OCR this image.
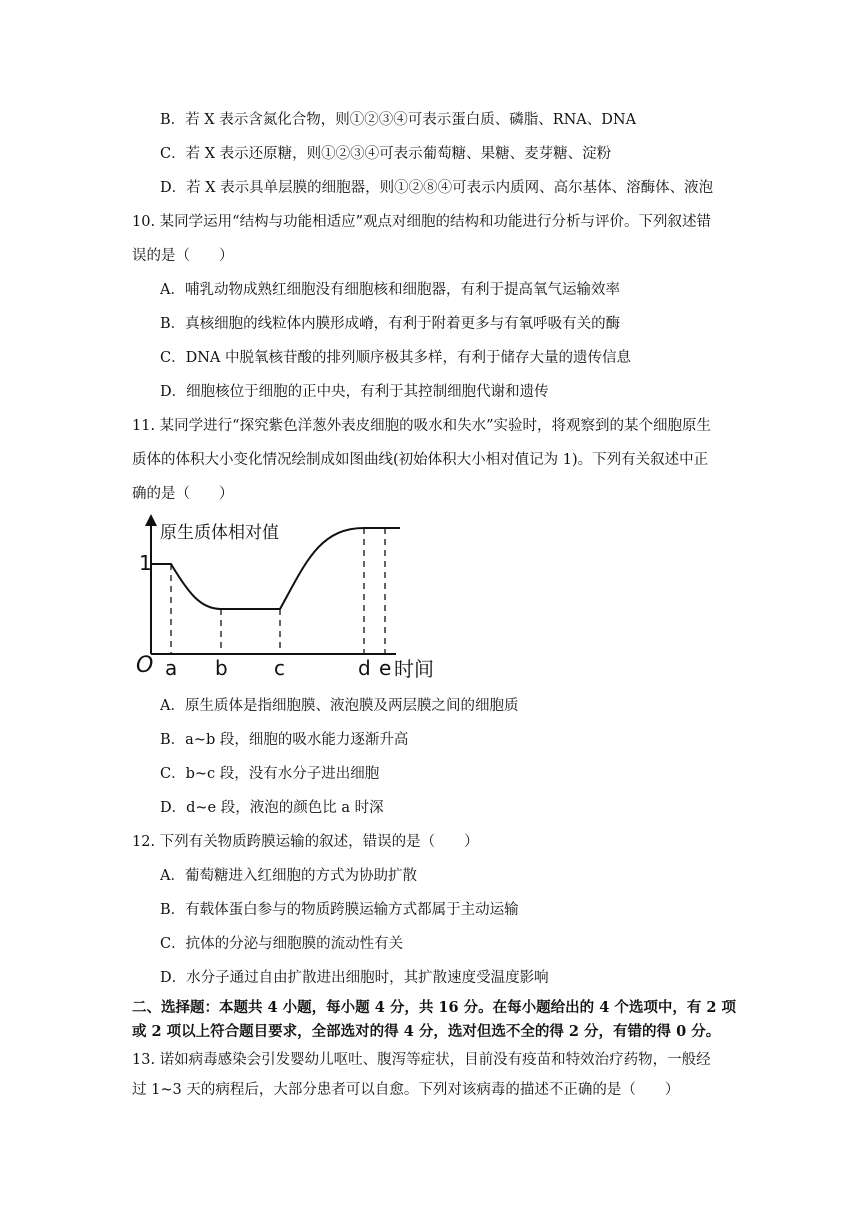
B．若 X 表示含氮化合物，则①②③④可表示蛋白质、磷脂、RNA、DNA
C．若 X 表示还原糖，则①②③④可表示葡萄糖、果糖、麦芽糖、淀粉
D．若 X 表示具单层膜的细胞器，则①②⑧④可表示内质网、高尔基体、溶酶体、液泡
10. 某同学运用“结构与功能相适应”观点对细胞的结构和功能进行分析与评价。下列叙述错
误的是（　　）
A．哺乳动物成熟红细胞没有细胞核和细胞器，有利于提高氧气运输效率
B．真核细胞的线粒体内膜形成嵴，有利于附着更多与有氧呼吸有关的酶
C．DNA 中脱氧核苷酸的排列顺序极其多样，有利于储存大量的遗传信息
D．细胞核位于细胞的正中央，有利于其控制细胞代谢和遗传
11. 某同学进行“探究紫色洋葱外表皮细胞的吸水和失水”实验时，将观察到的某个细胞原生
质体的体积大小变化情况绘制成如图曲线(初始体积大小相对值记为 1)。下列有关叙述中正
确的是（　　）
原生质体相对值
O
1
时间
a b c	d e
A．原生质体是指细胞膜、液泡膜及两层膜之间的细胞质
B．a~b 段，细胞的吸水能力逐渐升高
C．b~c 段，没有水分子进出细胞
D．d~e 段，液泡的颜色比 a 时深
12. 下列有关物质跨膜运输的叙述，错误的是（　　）
A．葡萄糖进入红细胞的方式为协助扩散
B．有载体蛋白参与的物质跨膜运输方式都属于主动运输
C．抗体的分泌与细胞膜的流动性有关
D．水分子通过自由扩散进出细胞时，其扩散速度受温度影响
二、选择题：本题共 4 小题，每小题 4 分，共 16 分。在每小题给出的 4 个选项中，有 2 项
或 2 项以上符合题目要求，全部选对的得 4 分，选对但选不全的得 2 分，有错的得 0 分。
13. 诺如病毒感染会引发婴幼儿呕吐、腹泻等症状，目前没有疫苗和特效治疗药物，一般经
过 1~3 天的病程后，大部分患者可以自愈。下列对该病毒的描述不正确的是（　　）
